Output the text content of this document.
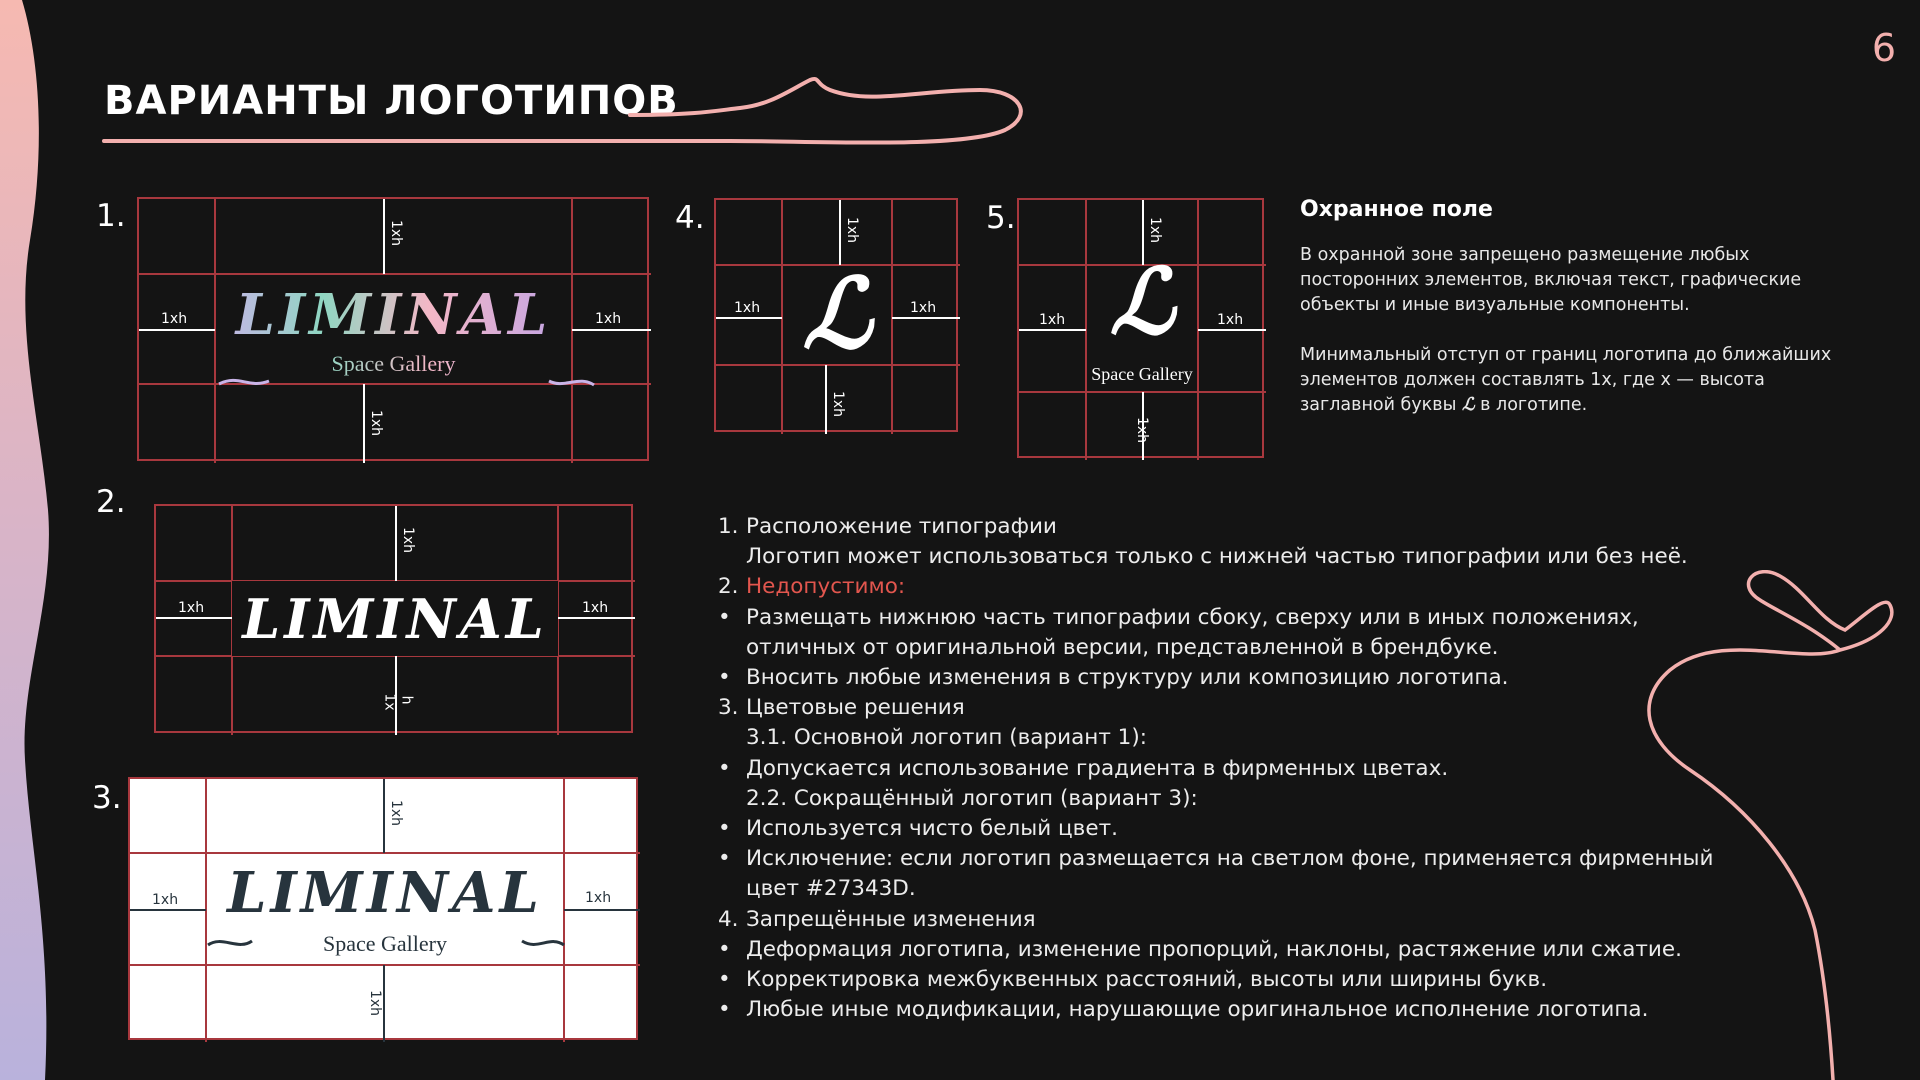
6
ВАРИАНТЫ ЛОГОТИПОВ
1.
2.
3.
4.	5.
1xh
1xh
1xh	1xh
LIMINAL
Space Gallery
1xh
1x h
1xh	1xh
LIMINAL
1xh
1xh
1xh	1xh
LIMINAL
Space Gallery
1xh
1xh
1xh	1xh
ℒ
1xh
1xh
1xh	1xh
ℒ
Space Gallery
Охранное поле
В охранной зоне запрещено размещение любых посторонних элементов, включая текст, графические объекты и иные визуальные компоненты.
Минимальный отступ от границ логотипа до ближайших элементов должен составлять 1x, где x — высота заглавной буквы ℒ в логотипе.
1. Расположение типографии
Логотип может использоваться только с нижней частью типографии или без неё.
2. Недопустимо:
• Размещать нижнюю часть типографии сбоку, сверху или в иных положениях,
отличных от оригинальной версии, представленной в брендбуке.
• Вносить любые изменения в структуру или композицию логотипа.
3. Цветовые решения
3.1. Основной логотип (вариант 1):
• Допускается использование градиента в фирменных цветах.
2.2. Сокращённый логотип (вариант 3):
• Используется чисто белый цвет.
• Исключение: если логотип размещается на светлом фоне, применяется фирменный
цвет #27343D.
4. Запрещённые изменения
• Деформация логотипа, изменение пропорций, наклоны, растяжение или сжатие.
• Корректировка межбуквенных расстояний, высоты или ширины букв.
• Любые иные модификации, нарушающие оригинальное исполнение логотипа.
